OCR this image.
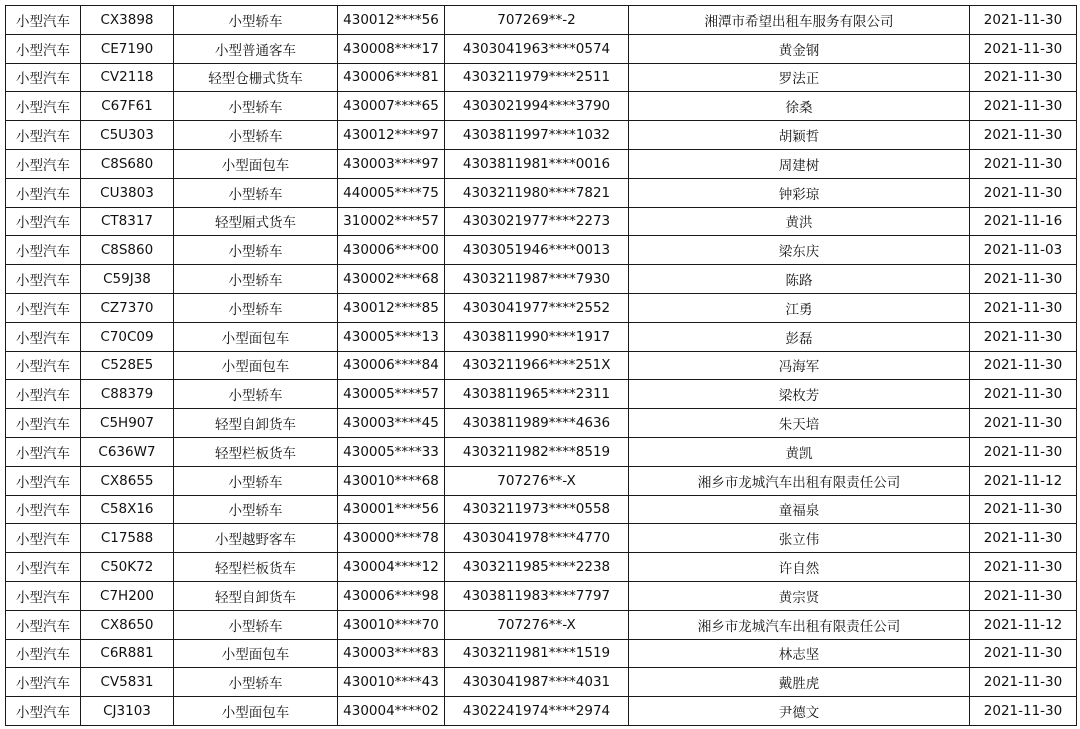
小型汽车	CX3898	小型轿车	430012****56	707269**-2	湘潭市希望出租车服务有限公司	2021-11-30
小型汽车	CE7190	小型普通客车	430008****17	4303041963****0574	黄金钢	2021-11-30
小型汽车	CV2118	轻型仓栅式货车	430006****81	4303211979****2511	罗法正	2021-11-30
小型汽车	C67F61	小型轿车	430007****65	4303021994****3790	徐桑	2021-11-30
小型汽车	C5U303	小型轿车	430012****97	4303811997****1032	胡颖哲	2021-11-30
小型汽车	C8S680	小型面包车	430003****97	4303811981****0016	周建树	2021-11-30
小型汽车	CU3803	小型轿车	440005****75	4303211980****7821	钟彩琼	2021-11-30
小型汽车	CT8317	轻型厢式货车	310002****57	4303021977****2273	黄洪	2021-11-16
小型汽车	C8S860	小型轿车	430006****00	4303051946****0013	梁东庆	2021-11-03
小型汽车	C59J38	小型轿车	430002****68	4303211987****7930	陈路	2021-11-30
小型汽车	CZ7370	小型轿车	430012****85	4303041977****2552	江勇	2021-11-30
小型汽车	C70C09	小型面包车	430005****13	4303811990****1917	彭磊	2021-11-30
小型汽车	C528E5	小型面包车	430006****84	4303211966****251X	冯海军	2021-11-30
小型汽车	C88379	小型轿车	430005****57	4303811965****2311	梁枚芳	2021-11-30
小型汽车	C5H907	轻型自卸货车	430003****45	4303811989****4636	朱天培	2021-11-30
小型汽车	C636W7	轻型栏板货车	430005****33	4303211982****8519	黄凯	2021-11-30
小型汽车	CX8655	小型轿车	430010****68	707276**-X	湘乡市龙城汽车出租有限责任公司	2021-11-12
小型汽车	C58X16	小型轿车	430001****56	4303211973****0558	童福泉	2021-11-30
小型汽车	C17588	小型越野客车	430000****78	4303041978****4770	张立伟	2021-11-30
小型汽车	C50K72	轻型栏板货车	430004****12	4303211985****2238	许自然	2021-11-30
小型汽车	C7H200	轻型自卸货车	430006****98	4303811983****7797	黄宗贤	2021-11-30
小型汽车	CX8650	小型轿车	430010****70	707276**-X	湘乡市龙城汽车出租有限责任公司	2021-11-12
小型汽车	C6R881	小型面包车	430003****83	4303211981****1519	林志坚	2021-11-30
小型汽车	CV5831	小型轿车	430010****43	4303041987****4031	戴胜虎	2021-11-30
小型汽车	CJ3103	小型面包车	430004****02	4302241974****2974	尹德文	2021-11-30
